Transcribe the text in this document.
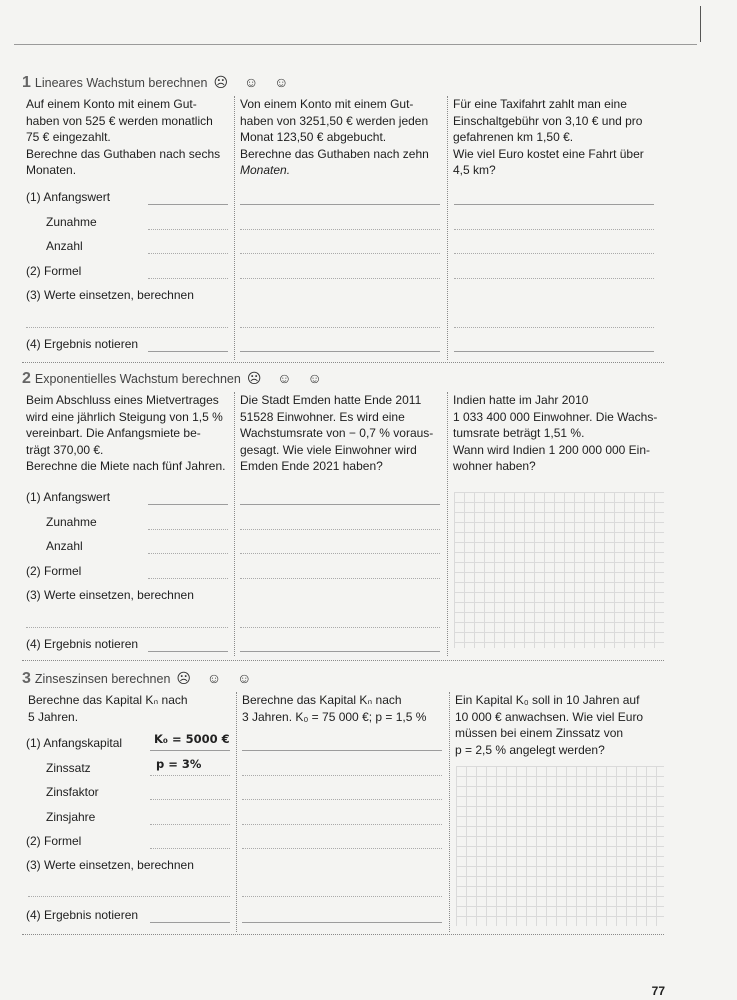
1 Lineares Wachstum berechnen ☹ ☺ ☺
Auf einem Konto mit einem Gut-
haben von 525 € werden monatlich
75 € eingezahlt.
Berechne das Guthaben nach sechs
Monaten.
Von einem Konto mit einem Gut-
haben von 3251,50 € werden jeden
Monat 123,50 € abgebucht.
Berechne das Guthaben nach zehn
Monaten.
Für eine Taxifahrt zahlt man eine
Einschaltgebühr von 3,10 € und pro
gefahrenen km 1,50 €.
Wie viel Euro kostet eine Fahrt über
4,5 km?
(1) Anfangswert
Zunahme
Anzahl
(2) Formel
(3) Werte einsetzen, berechnen
(4) Ergebnis notieren
2 Exponentielles Wachstum berechnen ☹ ☺ ☺
Beim Abschluss eines Mietvertrages
wird eine jährlich Steigung von 1,5 %
vereinbart. Die Anfangsmiete be-
trägt 370,00 €.
Berechne die Miete nach fünf Jahren.
Die Stadt Emden hatte Ende 2011
51528 Einwohner. Es wird eine
Wachstumsrate von − 0,7 % voraus-
gesagt. Wie viele Einwohner wird
Emden Ende 2021 haben?
Indien hatte im Jahr 2010
1 033 400 000 Einwohner. Die Wachs-
tumsrate beträgt 1,51 %.
Wann wird Indien 1 200 000 000 Ein-
wohner haben?
(1) Anfangswert
Zunahme
Anzahl
(2) Formel
(3) Werte einsetzen, berechnen
(4) Ergebnis notieren
3 Zinseszinsen berechnen ☹ ☺ ☺
Berechne das Kapital Kₙ nach
5 Jahren.
Berechne das Kapital Kₙ nach
3 Jahren. K₀ = 75 000 €; p = 1,5 %
Ein Kapital K₀ soll in 10 Jahren auf
10 000 € anwachsen. Wie viel Euro
müssen bei einem Zinssatz von
p = 2,5 % angelegt werden?
(1) Anfangskapital
Zinssatz
Zinsfaktor
Zinsjahre
(2) Formel
(3) Werte einsetzen, berechnen
(4) Ergebnis notieren
K₀ = 5000 €
p = 3%
77
